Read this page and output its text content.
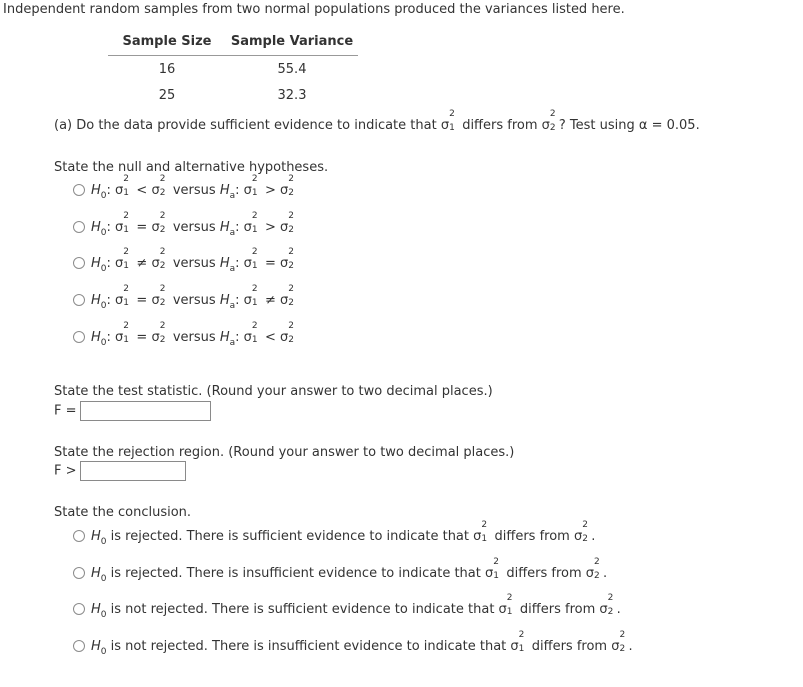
Independent random samples from two normal populations produced the variances listed here.
Sample Size	Sample Variance
16	55.4
25	32.3
(a) Do the data provide sufficient evidence to indicate that σ
2
1 differs from σ
2
2 ? Test using α = 0.05.
State the null and alternative hypotheses.
$H_0$: σ
2
1 < σ
2
2 versus $H_a$: σ
2
1 > σ
2
2
$H_0$: σ
2
1 = σ
2
2 versus $H_a$: σ
2
1 > σ
2
2
$H_0$: σ
2
1 ≠ σ
2
2 versus $H_a$: σ
2
1 = σ
2
2
$H_0$: σ
2
1 = σ
2
2 versus $H_a$: σ
2
1 ≠ σ
2
2
$H_0$: σ
2
1 = σ
2
2 versus $H_a$: σ
2
1 < σ
2
2
State the test statistic. (Round your answer to two decimal places.)
F =
State the rejection region. (Round your answer to two decimal places.)
F >
State the conclusion.
$H_0$ is rejected. There is sufficient evidence to indicate that σ
2
1 differs from σ
2
2 .
$H_0$ is rejected. There is insufficient evidence to indicate that σ
2
1 differs from σ
2
2 .
$H_0$ is not rejected. There is sufficient evidence to indicate that σ
2
1 differs from σ
2
2 .
$H_0$ is not rejected. There is insufficient evidence to indicate that σ
2
1 differs from σ
2
2 .
